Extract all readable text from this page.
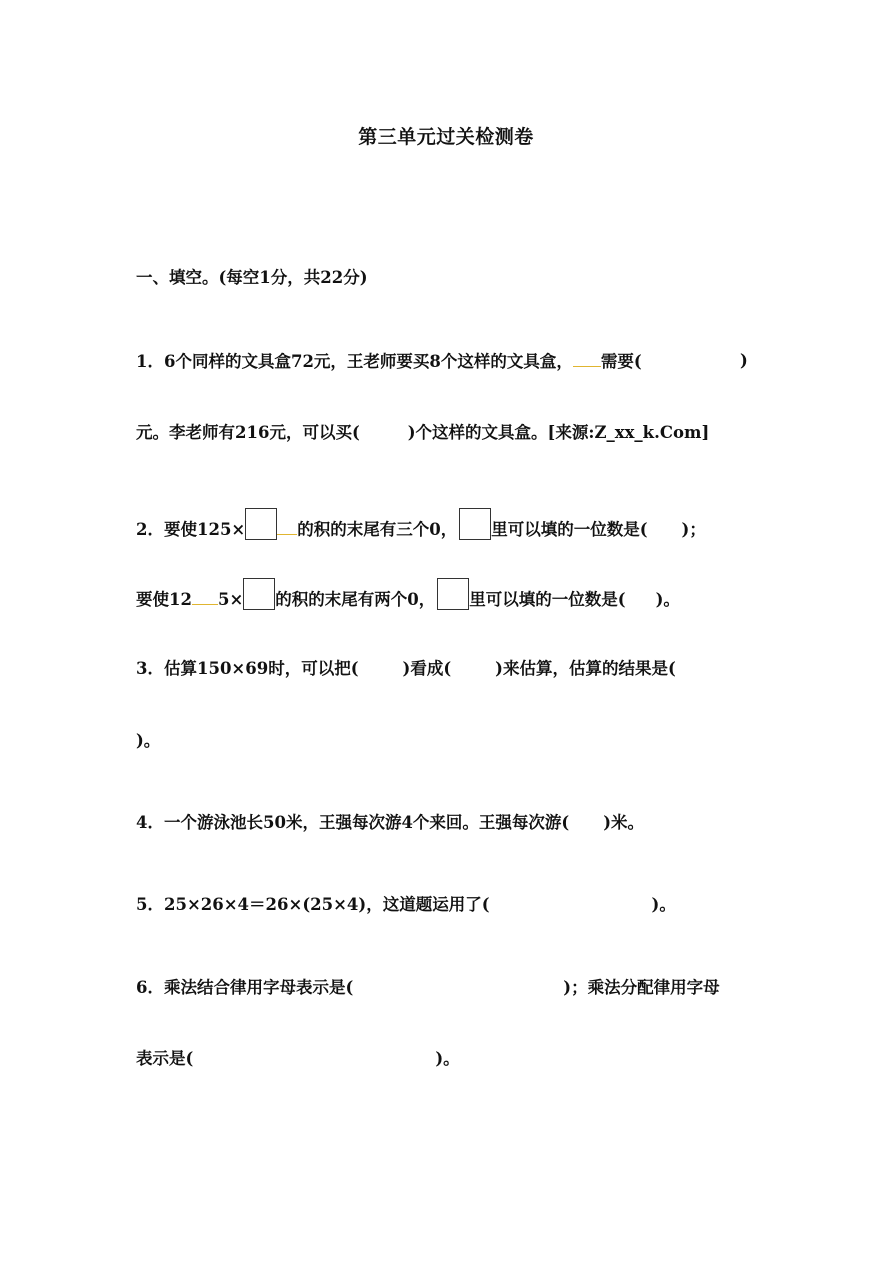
第三单元过关检测卷
一、填空。(每空1分，共22分)
1．6个同样的文具盒72元，王老师要买8个这样的文具盒， 需要(	)
元。李老师有216元，可以买(	)个这样的文具盒。[来源:Z_xx_k.Com]
2．要使125×	的积的末尾有三个0， 里可以填的一位数是( )；
要使12 5× 的积的末尾有两个0， 里可以填的一位数是( )。
3．估算150×69时，可以把(	)看成(	)来估算，估算的结果是(
)。
4．一个游泳池长50米，王强每次游4个来回。王强每次游( )米。
5．25×26×4＝26×(25×4)，这道题运用了(	)。
6．乘法结合律用字母表示是(	)；乘法分配律用字母
表示是(	)。
